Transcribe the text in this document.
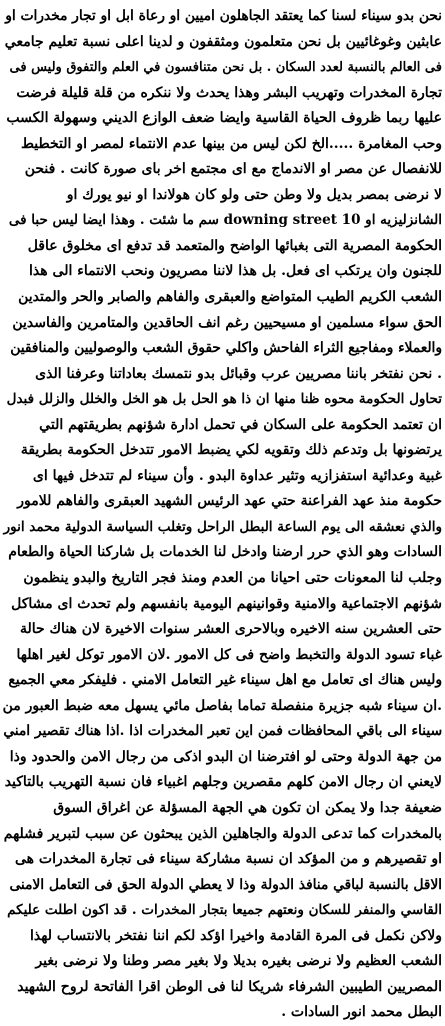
نحن بدو سيناء لسنا كما يعتقد الجاهلون اميين او رعاة ابل او تجار مخدرات او
عابثين وغوغائيين بل نحن متعلمون ومثقفون و لدينا اعلى نسبة تعليم جامعي
فى العالم بالنسبة لعدد السكان . بل نحن متنافسون في العلم والتفوق وليس فى
تجارة المخدرات وتهريب البشر وهذا يحدث ولا ننكره من قلة قليلة فرضت
عليها ربما ظروف الحياة القاسية وايضا ضعف الوازع الديني وسهولة الكسب
وحب المغامرة .....الخ لكن ليس من بينها عدم الانتماء لمصر او التخطيط
للانفصال عن مصر او الاندماج مع اى مجتمع اخر باى صورة كانت . فنحن
لا نرضى بمصر بديل ولا وطن حتى ولو كان هولاندا او نيو يورك او
الشانزليزيه او 10 downing street سم ما شئت . وهذا ايضا ليس حبا فى
الحكومة المصرية التى بغبائها الواضح والمتعمد قد تدفع اى مخلوق عاقل
للجنون وان يرتكب اى فعل. بل هذا لاننا مصريون ونحب الانتماء الى هذا
الشعب الكريم الطيب المتواضع والعبقرى والفاهم والصابر والحر والمتدين
الحق سواء مسلمين او مسيحيين رغم انف الحاقدين والمتامرين والفاسدين
والعملاء ومفاجيع الثراء الفاحش واكلي حقوق الشعب والوصوليين والمنافقين
. نحن نفتخر باننا مصريين عرب وقبائل بدو نتمسك بعاداتنا وعرفنا الذى
تحاول الحكومة محوه ظنا منها ان ذا هو الحل بل هو الخل والخلل والزلل فبدل
ان تعتمد الحكومة على السكان في تحمل ادارة شؤنهم بطريقتهم التي
يرتضونها بل وتدعم ذلك وتقويه لكي يضبط الامور تتدخل الحكومة بطريقة
غبية وعدائية استفزازيه وتثير عداوة البدو . وأن سيناء لم تتدخل فيها اى
حكومة منذ عهد الفراعنة حتي عهد الرئيس الشهيد العبقرى والفاهم للامور
والذي نعشقه الى يوم الساعة البطل الراحل وتغلب السياسة الدولية محمد انور
السادات وهو الذي حرر ارضنا وادخل لنا الخدمات بل شاركنا الحياة والطعام
وجلب لنا المعونات حتى احيانا من العدم ومنذ فجر التاريخ والبدو ينظمون
شؤنهم الاجتماعية والامنية وقوانينهم اليومية بانفسهم ولم تحدث اى مشاكل
حتى العشرين سنه الاخيره وبالاحرى العشر سنوات الاخيرة لان هناك حالة
غباء تسود الدولة والتخبط واضح فى كل الامور .لان الامور توكل لغير اهلها
وليس هناك اى تعامل مع اهل سيناء غير التعامل الامني . فليفكر معي الجميع
.ان سيناء شبه جزيرة منفصلة تماما بفاصل مائي يسهل معه ضبط العبور من
سيناء الى باقي المحافظات فمن اين تعبر المخدرات اذا .اذا هناك تقصير امني
من جهة الدولة وحتى لو افترضنا ان البدو اذكى من رجال الامن والحدود وذا
لايعني ان رجال الامن كلهم مقصرين وجلهم اغبياء فان نسبة التهريب بالتاكيد
ضعيفة جدا ولا يمكن ان تكون هي الجهة المسؤلة عن اغراق السوق
بالمخدرات كما تدعى الدولة والجاهلين الذين يبحثون عن سبب لتبرير فشلهم
او تقصيرهم و من المؤكد ان نسبة مشاركة سيناء فى تجارة المخدرات هى
الاقل بالنسبة لباقي منافذ الدولة وذا لا يعطي الدولة الحق فى التعامل الامنى
القاسي والمنفر للسكان ونعتهم جميعا بتجار المخدرات . قد اكون اطلت عليكم
ولاكن نكمل فى المرة القادمة واخيرا اؤكد لكم اننا نفتخر بالانتساب لهذا
الشعب العظيم ولا نرضى بغيره بديلا ولا بغير مصر وطنا ولا نرضى بغير
المصريين الطيبين الشرفاء شريكا لنا فى الوطن اقرا الفاتحة لروح الشهيد
البطل محمد انور السادات .
